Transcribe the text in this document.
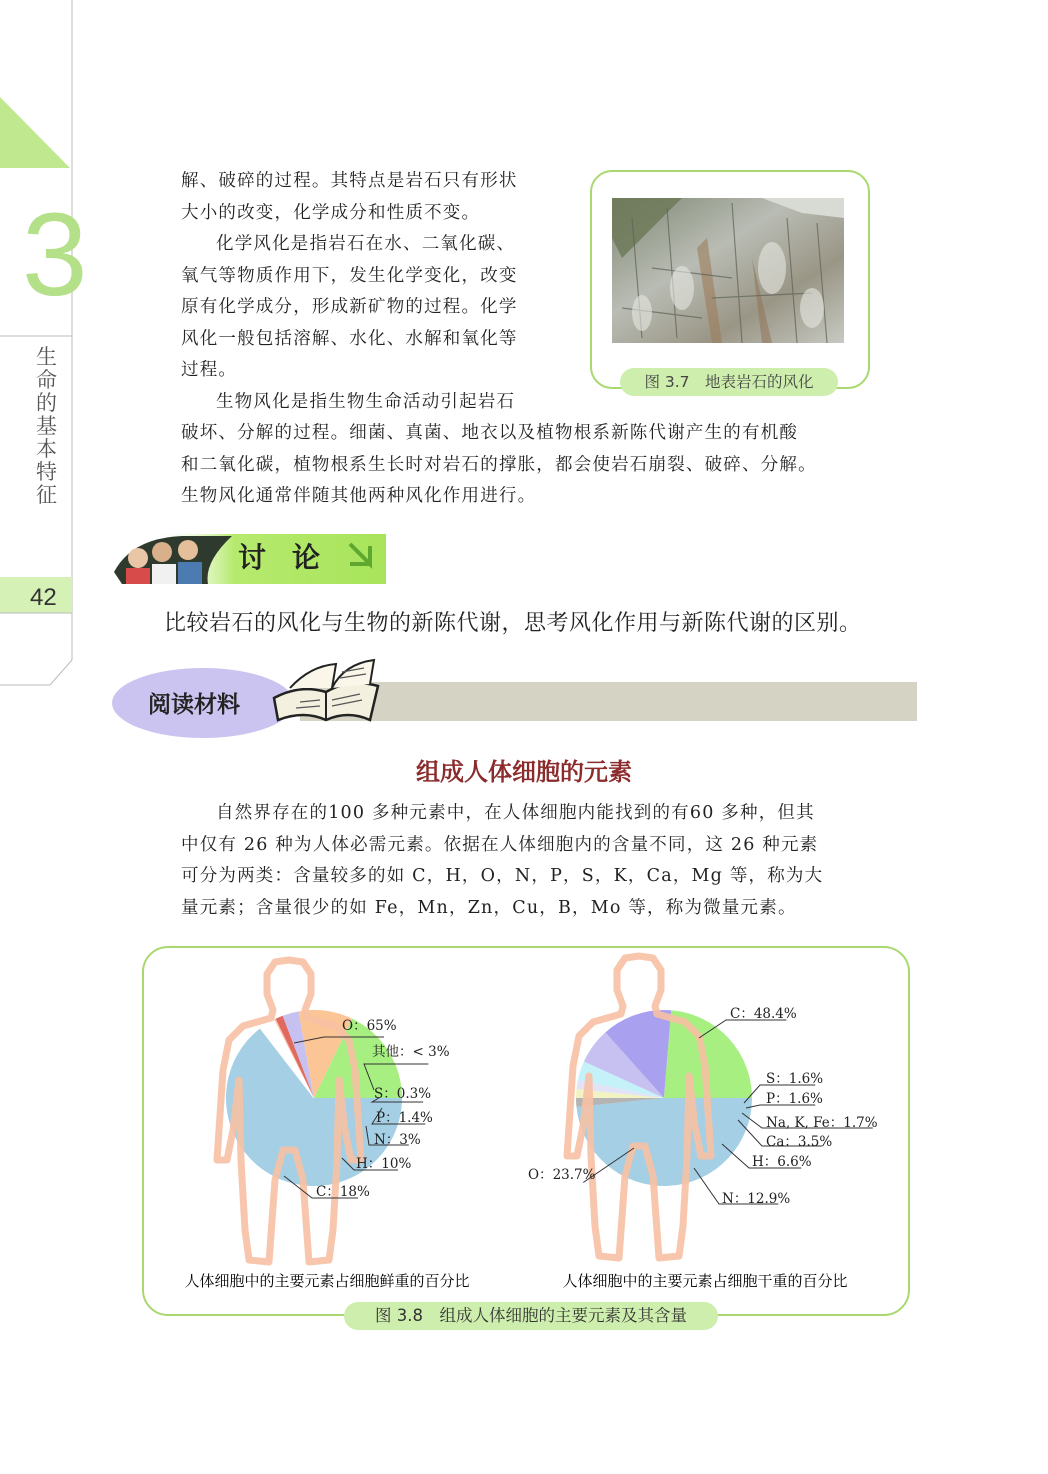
3
生命的基本特征
42
解、破碎的过程。其特点是岩石只有形状
大小的改变，化学成分和性质不变。
化学风化是指岩石在水、二氧化碳、
氧气等物质作用下，发生化学变化，改变
原有化学成分，形成新矿物的过程。化学
风化一般包括溶解、水化、水解和氧化等
过程。
生物风化是指生物生命活动引起岩石
破坏、分解的过程。细菌、真菌、地衣以及植物根系新陈代谢产生的有机酸
和二氧化碳，植物根系生长时对岩石的撑胀，都会使岩石崩裂、破碎、分解。
生物风化通常伴随其他两种风化作用进行。
图 3.7　地表岩石的风化
讨论
比较岩石的风化与生物的新陈代谢，思考风化作用与新陈代谢的区别。
阅读材料
组成人体细胞的元素
自然界存在的100 多种元素中，在人体细胞内能找到的有60 多种，但其
中仅有 26 种为人体必需元素。依据在人体细胞内的含量不同，这 26 种元素
可分为两类：含量较多的如 C，H，O，N，P，S，K，Ca，Mg 等，称为大
量元素；含量很少的如 Fe，Mn，Zn，Cu，B，Mo 等，称为微量元素。
O：65%
其他：< 3%
S：0.3%
P：1.4%
N：3%
H：10%
C：18%
C：48.4%
S：1.6%
P：1.6%
Na, K, Fe：1.7%
Ca：3.5%
H：6.6%
N：12.9%
O：23.7%
人体细胞中的主要元素占细胞鲜重的百分比	人体细胞中的主要元素占细胞干重的百分比
图 3.8　组成人体细胞的主要元素及其含量
